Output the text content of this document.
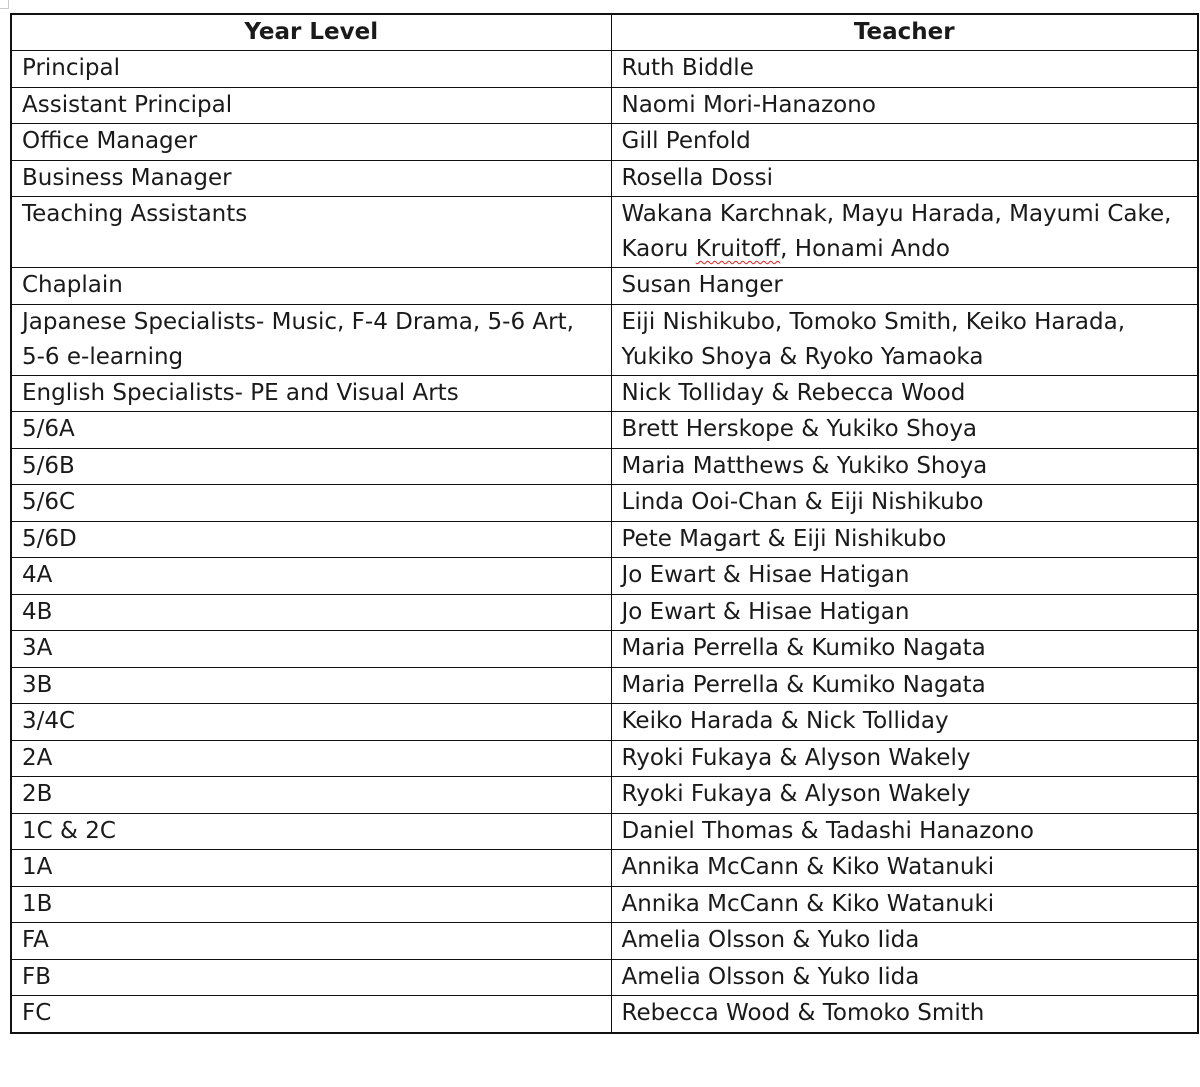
Year Level	Teacher
Principal	Ruth Biddle
Assistant Principal	Naomi Mori-Hanazono
Office Manager	Gill Penfold
Business Manager	Rosella Dossi
Teaching Assistants	Wakana Karchnak, Mayu Harada, Mayumi Cake, Kaoru Kruitoff, Honami Ando
Chaplain	Susan Hanger
Japanese Specialists- Music, F-4 Drama, 5-6 Art, 5-6 e-learning	Eiji Nishikubo, Tomoko Smith, Keiko Harada, Yukiko Shoya & Ryoko Yamaoka
English Specialists- PE and Visual Arts	Nick Tolliday & Rebecca Wood
5/6A	Brett Herskope & Yukiko Shoya
5/6B	Maria Matthews & Yukiko Shoya
5/6C	Linda Ooi-Chan & Eiji Nishikubo
5/6D	Pete Magart & Eiji Nishikubo
4A	Jo Ewart & Hisae Hatigan
4B	Jo Ewart & Hisae Hatigan
3A	Maria Perrella & Kumiko Nagata
3B	Maria Perrella & Kumiko Nagata
3/4C	Keiko Harada & Nick Tolliday
2A	Ryoki Fukaya & Alyson Wakely
2B	Ryoki Fukaya & Alyson Wakely
1C & 2C	Daniel Thomas & Tadashi Hanazono
1A	Annika McCann & Kiko Watanuki
1B	Annika McCann & Kiko Watanuki
FA	Amelia Olsson & Yuko Iida
FB	Amelia Olsson & Yuko Iida
FC	Rebecca Wood & Tomoko Smith
